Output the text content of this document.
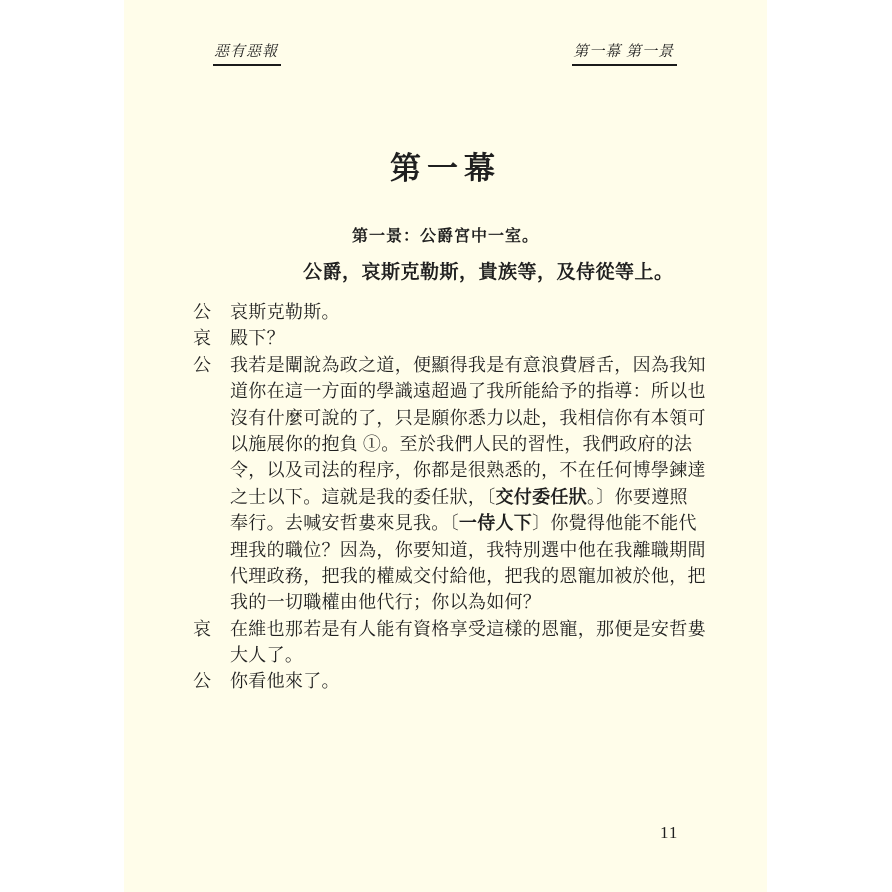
惡有惡報	第一幕 第一景
第一幕
第一景：公爵宮中一室。
公爵，哀斯克勒斯，貴族等，及侍從等上。
公	哀斯克勒斯。
哀	殿下？
公	我若是闡說為政之道，便顯得我是有意浪費唇舌，因為我知
道你在這一方面的學識遠超過了我所能給予的指導：所以也
沒有什麼可說的了，只是願你悉力以赴，我相信你有本領可
以施展你的抱負 ①。至於我們人民的習性，我們政府的法
令，以及司法的程序，你都是很熟悉的，不在任何博學鍊達
之士以下。這就是我的委任狀，〔交付委任狀。〕你要遵照
奉行。去喊安哲婁來見我。〔一侍人下〕你覺得他能不能代
理我的職位？因為，你要知道，我特別選中他在我離職期間
代理政務，把我的權威交付給他，把我的恩寵加被於他，把
我的一切職權由他代行；你以為如何？
哀	在維也那若是有人能有資格享受這樣的恩寵，那便是安哲婁
大人了。
公	你看他來了。
11
